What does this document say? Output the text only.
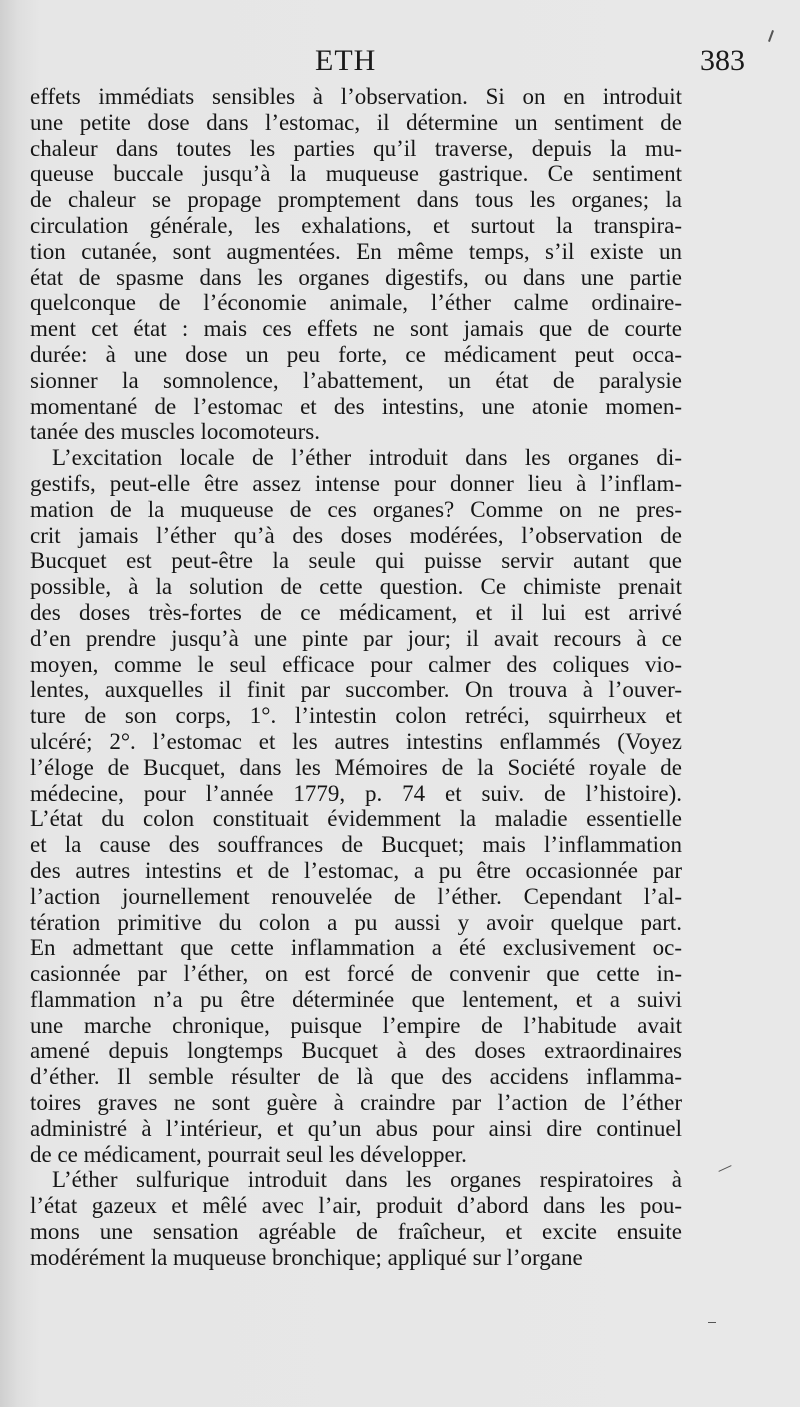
ETH	383
effets immédiats sensibles à l’observation. Si on en introduit
une petite dose dans l’estomac, il détermine un sentiment de
chaleur dans toutes les parties qu’il traverse, depuis la mu-
queuse buccale jusqu’à la muqueuse gastrique. Ce sentiment
de chaleur se propage promptement dans tous les organes; la
circulation générale, les exhalations, et surtout la transpira-
tion cutanée, sont augmentées. En même temps, s’il existe un
état de spasme dans les organes digestifs, ou dans une partie
quelconque de l’économie animale, l’éther calme ordinaire-
ment cet état : mais ces effets ne sont jamais que de courte
durée: à une dose un peu forte, ce médicament peut occa-
sionner la somnolence, l’abattement, un état de paralysie
momentané de l’estomac et des intestins, une atonie momen-
tanée des muscles locomoteurs.
L’excitation locale de l’éther introduit dans les organes di-
gestifs, peut-elle être assez intense pour donner lieu à l’inflam-
mation de la muqueuse de ces organes? Comme on ne pres-
crit jamais l’éther qu’à des doses modérées, l’observation de
Bucquet est peut-être la seule qui puisse servir autant que
possible, à la solution de cette question. Ce chimiste prenait
des doses très-fortes de ce médicament, et il lui est arrivé
d’en prendre jusqu’à une pinte par jour; il avait recours à ce
moyen, comme le seul efficace pour calmer des coliques vio-
lentes, auxquelles il finit par succomber. On trouva à l’ouver-
ture de son corps, 1°. l’intestin colon retréci, squirrheux et
ulcéré; 2°. l’estomac et les autres intestins enflammés (Voyez
l’éloge de Bucquet, dans les Mémoires de la Société royale de
médecine, pour l’année 1779, p. 74 et suiv. de l’histoire).
L’état du colon constituait évidemment la maladie essentielle
et la cause des souffrances de Bucquet; mais l’inflammation
des autres intestins et de l’estomac, a pu être occasionnée par
l’action journellement renouvelée de l’éther. Cependant l’al-
tération primitive du colon a pu aussi y avoir quelque part.
En admettant que cette inflammation a été exclusivement oc-
casionnée par l’éther, on est forcé de convenir que cette in-
flammation n’a pu être déterminée que lentement, et a suivi
une marche chronique, puisque l’empire de l’habitude avait
amené depuis longtemps Bucquet à des doses extraordinaires
d’éther. Il semble résulter de là que des accidens inflamma-
toires graves ne sont guère à craindre par l’action de l’éther
administré à l’intérieur, et qu’un abus pour ainsi dire continuel
de ce médicament, pourrait seul les développer.
L’éther sulfurique introduit dans les organes respiratoires à
l’état gazeux et mêlé avec l’air, produit d’abord dans les pou-
mons une sensation agréable de fraîcheur, et excite ensuite
modérément la muqueuse bronchique; appliqué sur l’organe
